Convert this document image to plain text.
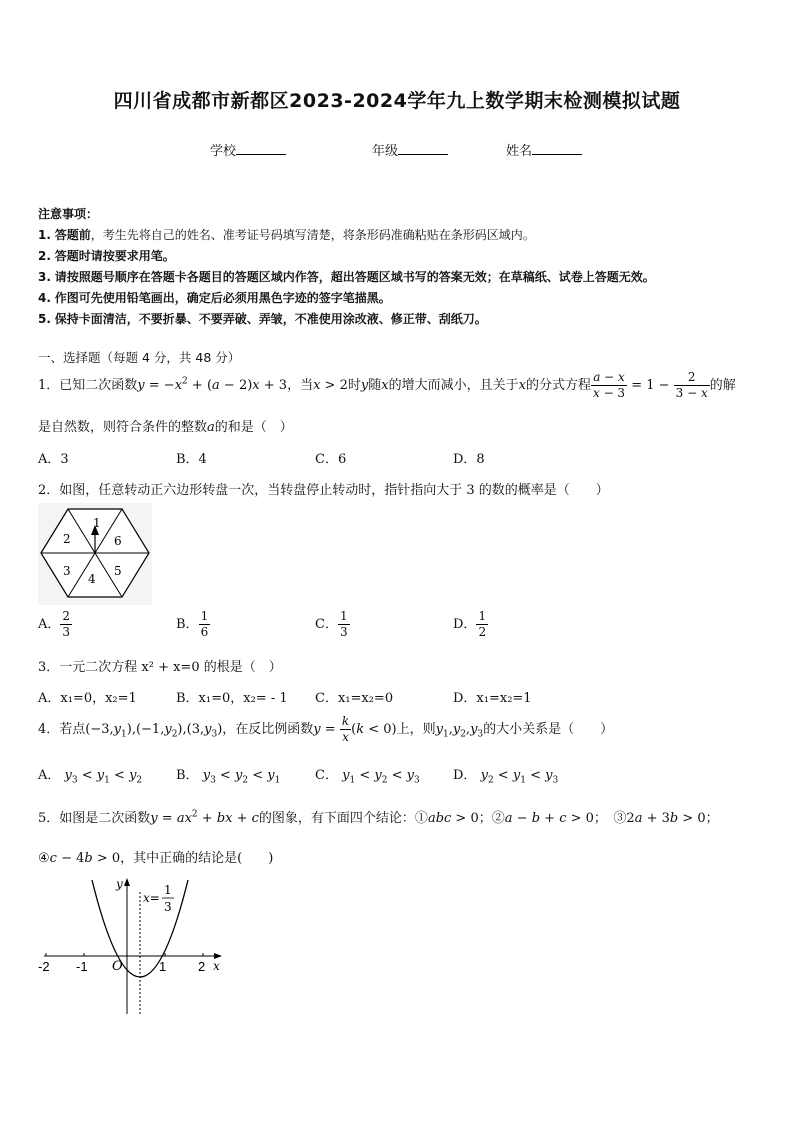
四川省成都市新都区2023-2024学年九上数学期末检测模拟试题
学校	年级	姓名
注意事项：
1. 答题前，考生先将自己的姓名、准考证号码填写清楚，将条形码准确粘贴在条形码区域内。
2. 答题时请按要求用笔。
3. 请按照题号顺序在答题卡各题目的答题区域内作答，超出答题区域书写的答案无效；在草稿纸、试卷上答题无效。
4. 作图可先使用铅笔画出，确定后必须用黑色字迹的签字笔描黑。
5. 保持卡面清洁，不要折暴、不要弄破、弄皱，不准使用涂改液、修正带、刮纸刀。
一、选择题（每题 4 分，共 48 分）
1．已知二次函数$y = -x^2 + (a - 2)x + 3$，当x > 2时y随x的增大而减小，且关于x的分式方程 $\frac{a - x}{x - 3} = 1 - \frac{2}{3 - x}$ 的解
是自然数，则符合条件的整数a的和是（　）
A．3	B．4	C．6	D．8
2．如图，任意转动正六边形转盘一次，当转盘停止转动时，指针指向大于 3 的数的概率是（　　）
1
6
5
4
3
2
A． $\frac{2}{3}$	B． $\frac{1}{6}$	C． $\frac{1}{3}$	D． $\frac{1}{2}$
3．一元二次方程 x² + x=0 的根是（　）
A．x₁=0，x₂=1	B．x₁=0，x₂= - 1 C．x₁=x₂=0	D．x₁=x₂=1
4．若点$(-3,y_1),(-1,y_2),(3,y_3)$，在反比例函数$y = \frac{k}{x} (k < 0)$上，则$y_1,y_2,y_3$的大小关系是（　　）
A． $y_3 < y_1 < y_2$	B． $y_3 < y_2 < y_1$	C． $y_1 < y_2 < y_3$	D． $y_2 < y_1 < y_3$
5．如图是二次函数$y = ax^2$ + bx + c的图象，有下面四个结论：①abc > 0；②a − b + c > 0；　③2a + 3b > 0；
④c − 4b > 0，其中正确的结论是(　　)
-2 -1 O	1 2 x
y
x=
1
3
